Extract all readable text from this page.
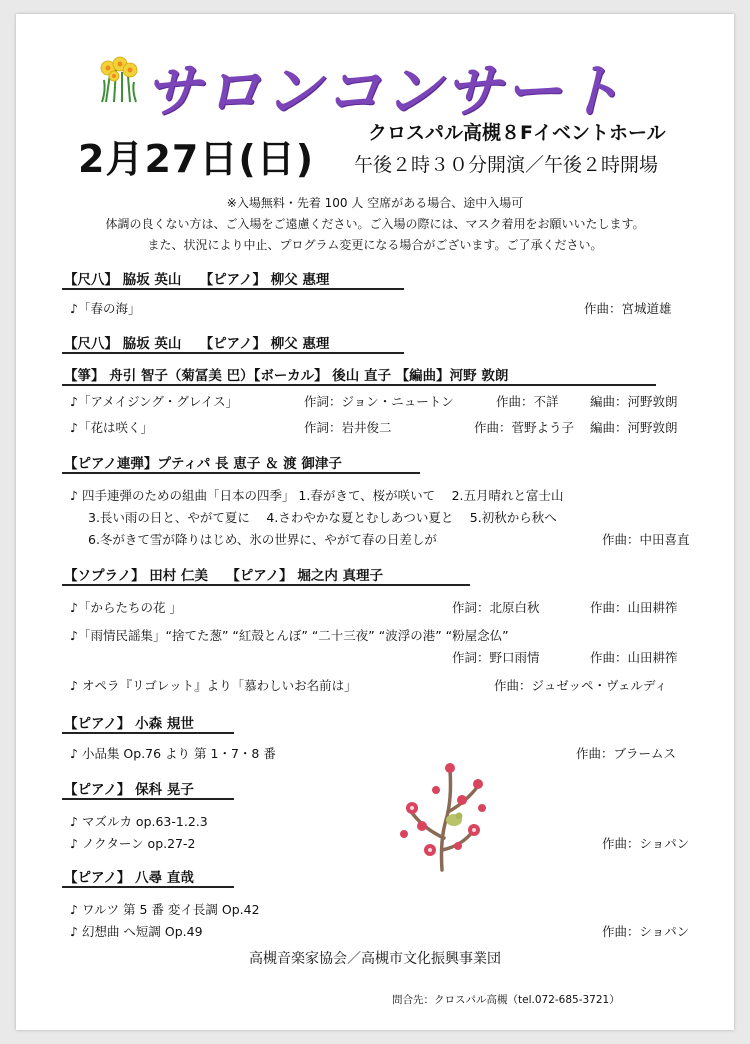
サロンコンサート
2月27日(日)
クロスパル高槻８Fイベントホール
午後２時３０分開演／午後２時開場
※入場無料・先着 100 人 空席がある場合、途中入場可
体調の良くない方は、ご入場をご遠慮ください。ご入場の際には、マスク着用をお願いいたします。
また、状況により中止、プログラム変更になる場合がございます。ご了承ください。
【尺八】 脇坂 英山　 【ピアノ】 柳父 惠理
♪「春の海」	作曲：宮城道雄
【尺八】 脇坂 英山　 【ピアノ】 柳父 惠理
【箏】 舟引 智子（菊冨美 巴）【ボーカル】 後山 直子 【編曲】河野 敦朗
♪「アメイジング・グレイス」	作詞：ジョン・ニュートン	作曲：不詳	編曲：河野敦朗
♪「花は咲く」	作詞：岩井俊二	作曲：菅野よう子 編曲：河野敦朗
【ピアノ連弾】プティパ 長 恵子 ＆ 渡 御津子
♪ 四手連弾のための組曲「日本の四季」 1.春がきて、桜が咲いて　 2.五月晴れと富士山
3.長い雨の日と、やがて夏に　 4.さわやかな夏とむしあつい夏と　 5.初秋から秋へ
6.冬がきて雪が降りはじめ、氷の世界に、やがて春の日差しが	作曲：中田喜直
【ソプラノ】 田村 仁美　 【ピアノ】 堀之内 真理子
♪「からたちの花 」	作詞：北原白秋	作曲：山田耕筰
♪「雨情民謡集」“捨てた葱” “紅殻とんぼ” “二十三夜” “波浮の港” “粉屋念仏”
作詞：野口雨情	作曲：山田耕筰
♪ オペラ『リゴレット』より「慕わしいお名前は」	作曲：ジュゼッペ・ヴェルディ
【ピアノ】 小森 規世
♪ 小品集 Op.76 より 第 1・7・8 番	作曲：ブラームス
【ピアノ】 保科 晃子
♪ マズルカ op.63-1.2.3
♪ ノクターン op.27-2	作曲：ショパン
【ピアノ】 八尋 直哉
♪ ワルツ 第 5 番 変イ長調 Op.42
♪ 幻想曲 へ短調 Op.49	作曲：ショパン
高槻音楽家協会／高槻市文化振興事業団
問合先：クロスパル高槻（tel.072-685-3721）
